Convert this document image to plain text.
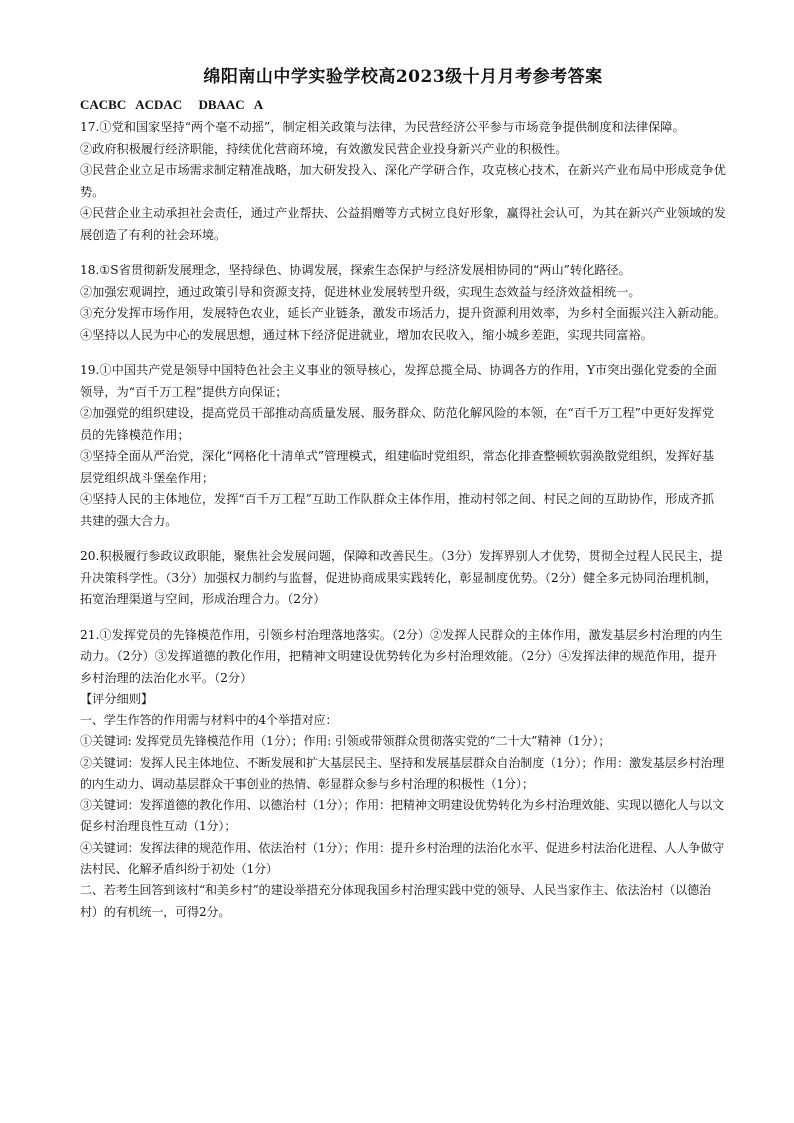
绵阳南山中学实验学校高2023级十月月考参考答案

CACBC   ACDAC     DBAAC   A

17.①党和国家坚持“两个毫不动摇”，制定相关政策与法律，为民营经济公平参与市场竞争提供制度和法律保障。

②政府积极履行经济职能，持续优化营商环境，有效激发民营企业投身新兴产业的积极性。

③民营企业立足市场需求制定精准战略，加大研发投入、深化产学研合作，攻克核心技术，在新兴产业布局中形成竞争优势。

④民营企业主动承担社会责任，通过产业帮扶、公益捐赠等方式树立良好形象，赢得社会认可，为其在新兴产业领域的发展创造了有利的社会环境。

18.①S省贯彻新发展理念，坚持绿色、协调发展，探索生态保护与经济发展相协同的“两山”转化路径。

②加强宏观调控，通过政策引导和资源支持，促进林业发展转型升级，实现生态效益与经济效益相统一。

③充分发挥市场作用，发展特色农业，延长产业链条，激发市场活力，提升资源利用效率，为乡村全面振兴注入新动能。

④坚持以人民为中心的发展思想，通过林下经济促进就业，增加农民收入，缩小城乡差距，实现共同富裕。

19.①中国共产党是领导中国特色社会主义事业的领导核心，发挥总揽全局、协调各方的作用，Y市突出强化党委的全面领导，为“百千万工程”提供方向保证；

②加强党的组织建设，提高党员干部推动高质量发展、服务群众、防范化解风险的本领，在“百千万工程”中更好发挥党员的先锋模范作用；

③坚持全面从严治党，深化“网格化十清单式”管理模式，组建临时党组织，常态化排查整顿软弱涣散党组织，发挥好基层党组织战斗堡垒作用；

④坚持人民的主体地位，发挥“百千万工程”互助工作队群众主体作用，推动村邻之间、村民之间的互助协作，形成齐抓共建的强大合力。

20.积极履行参政议政职能，聚焦社会发展问题，保障和改善民生。（3分）发挥界别人才优势，贯彻全过程人民民主，提升决策科学性。（3分）加强权力制约与监督，促进协商成果实践转化，彰显制度优势。（2分）健全多元协同治理机制，拓宽治理渠道与空间，形成治理合力。（2分）

21.①发挥党员的先锋模范作用，引领乡村治理落地落实。（2分）②发挥人民群众的主体作用，激发基层乡村治理的内生动力。（2分）③发挥道德的教化作用，把精神文明建设优势转化为乡村治理效能。（2分）④发挥法律的规范作用，提升乡村治理的法治化水平。（2分）

【评分细则】

一、学生作答的作用需与材料中的4个举措对应：

①关键词: 发挥党员先锋模范作用（1分）；作用: 引领或带领群众贯彻落实党的“二十大”精神（1分）；

②关键词：发挥人民主体地位、不断发展和扩大基层民主、坚持和发展基层群众自治制度（1分）；作用：激发基层乡村治理的内生动力、调动基层群众干事创业的热情、彰显群众参与乡村治理的积极性（1分）；

③关键词：发挥道德的教化作用、以德治村（1分）；作用：把精神文明建设优势转化为乡村治理效能、实现以德化人与以文促乡村治理良性互动（1分）；

④关键词：发挥法律的规范作用、依法治村（1分）；作用：提升乡村治理的法治化水平、促进乡村法治化进程、人人争做守法村民、化解矛盾纠纷于初处（1分）

二、若考生回答到该村“和美乡村”的建设举措充分体现我国乡村治理实践中党的领导、人民当家作主、依法治村（以德治村）的有机统一，可得2分。
